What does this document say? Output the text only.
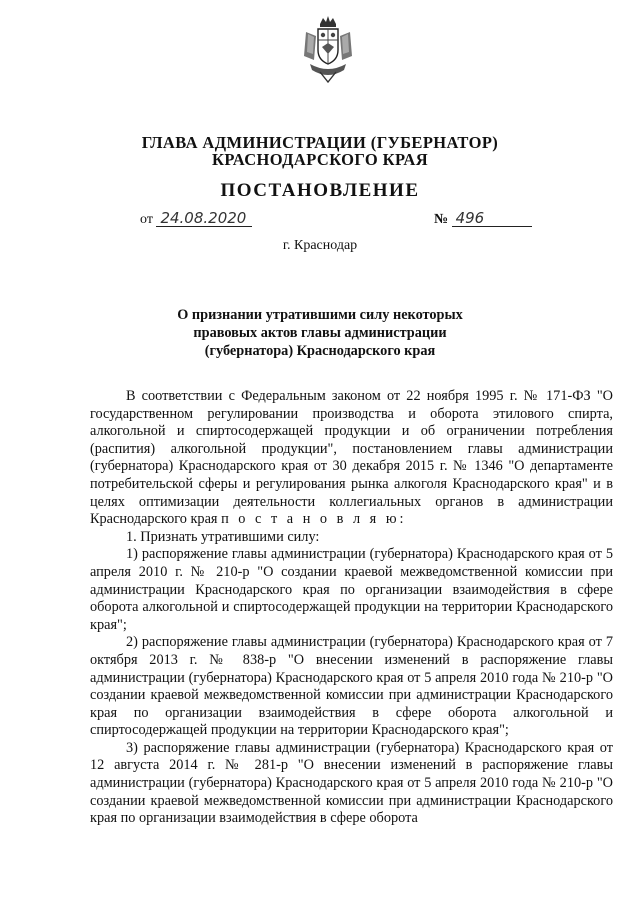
ГЛАВА АДМИНИСТРАЦИИ (ГУБЕРНАТОР)
КРАСНОДАРСКОГО КРАЯ
ПОСТАНОВЛЕНИЕ
от 24.08.2020	№ 496
г. Краснодар
О признании утратившими силу некоторых
правовых актов главы администрации
(губернатора) Краснодарского края

В соответствии с Федеральным законом от 22 ноября 1995 г. № 171-ФЗ "О государственном регулировании производства и оборота этилового спирта, алкогольной и спиртосодержащей продукции и об ограничении потребления (распития) алкогольной продукции", постановлением главы администрации (губернатора) Краснодарского края от 30 декабря 2015 г. № 1346 "О департаменте потребительской сферы и регулирования рынка алкоголя Краснодарского края" и в целях оптимизации деятельности коллегиальных органов в администрации Краснодарского края п о с т а н о в л я ю:

1. Признать утратившими силу:

1) распоряжение главы администрации (губернатора) Краснодарского края от 5 апреля 2010 г. № 210-р "О создании краевой межведомственной комиссии при администрации Краснодарского края по организации взаимодействия в сфере оборота алкогольной и спиртосодержащей продукции на территории Краснодарского края";

2) распоряжение главы администрации (губернатора) Краснодарского края от 7 октября 2013 г. № 838-р "О внесении изменений в распоряжение главы администрации (губернатора) Краснодарского края от 5 апреля 2010 года № 210-р "О создании краевой межведомственной комиссии при администрации Краснодарского края по организации взаимодействия в сфере оборота алкогольной и спиртосодержащей продукции на территории Краснодарского края";

3) распоряжение главы администрации (губернатора) Краснодарского края от 12 августа 2014 г. № 281-р "О внесении изменений в распоряжение главы администрации (губернатора) Краснодарского края от 5 апреля 2010 года № 210-р "О создании краевой межведомственной комиссии при администрации Краснодарского края по организации взаимодействия в сфере оборота
